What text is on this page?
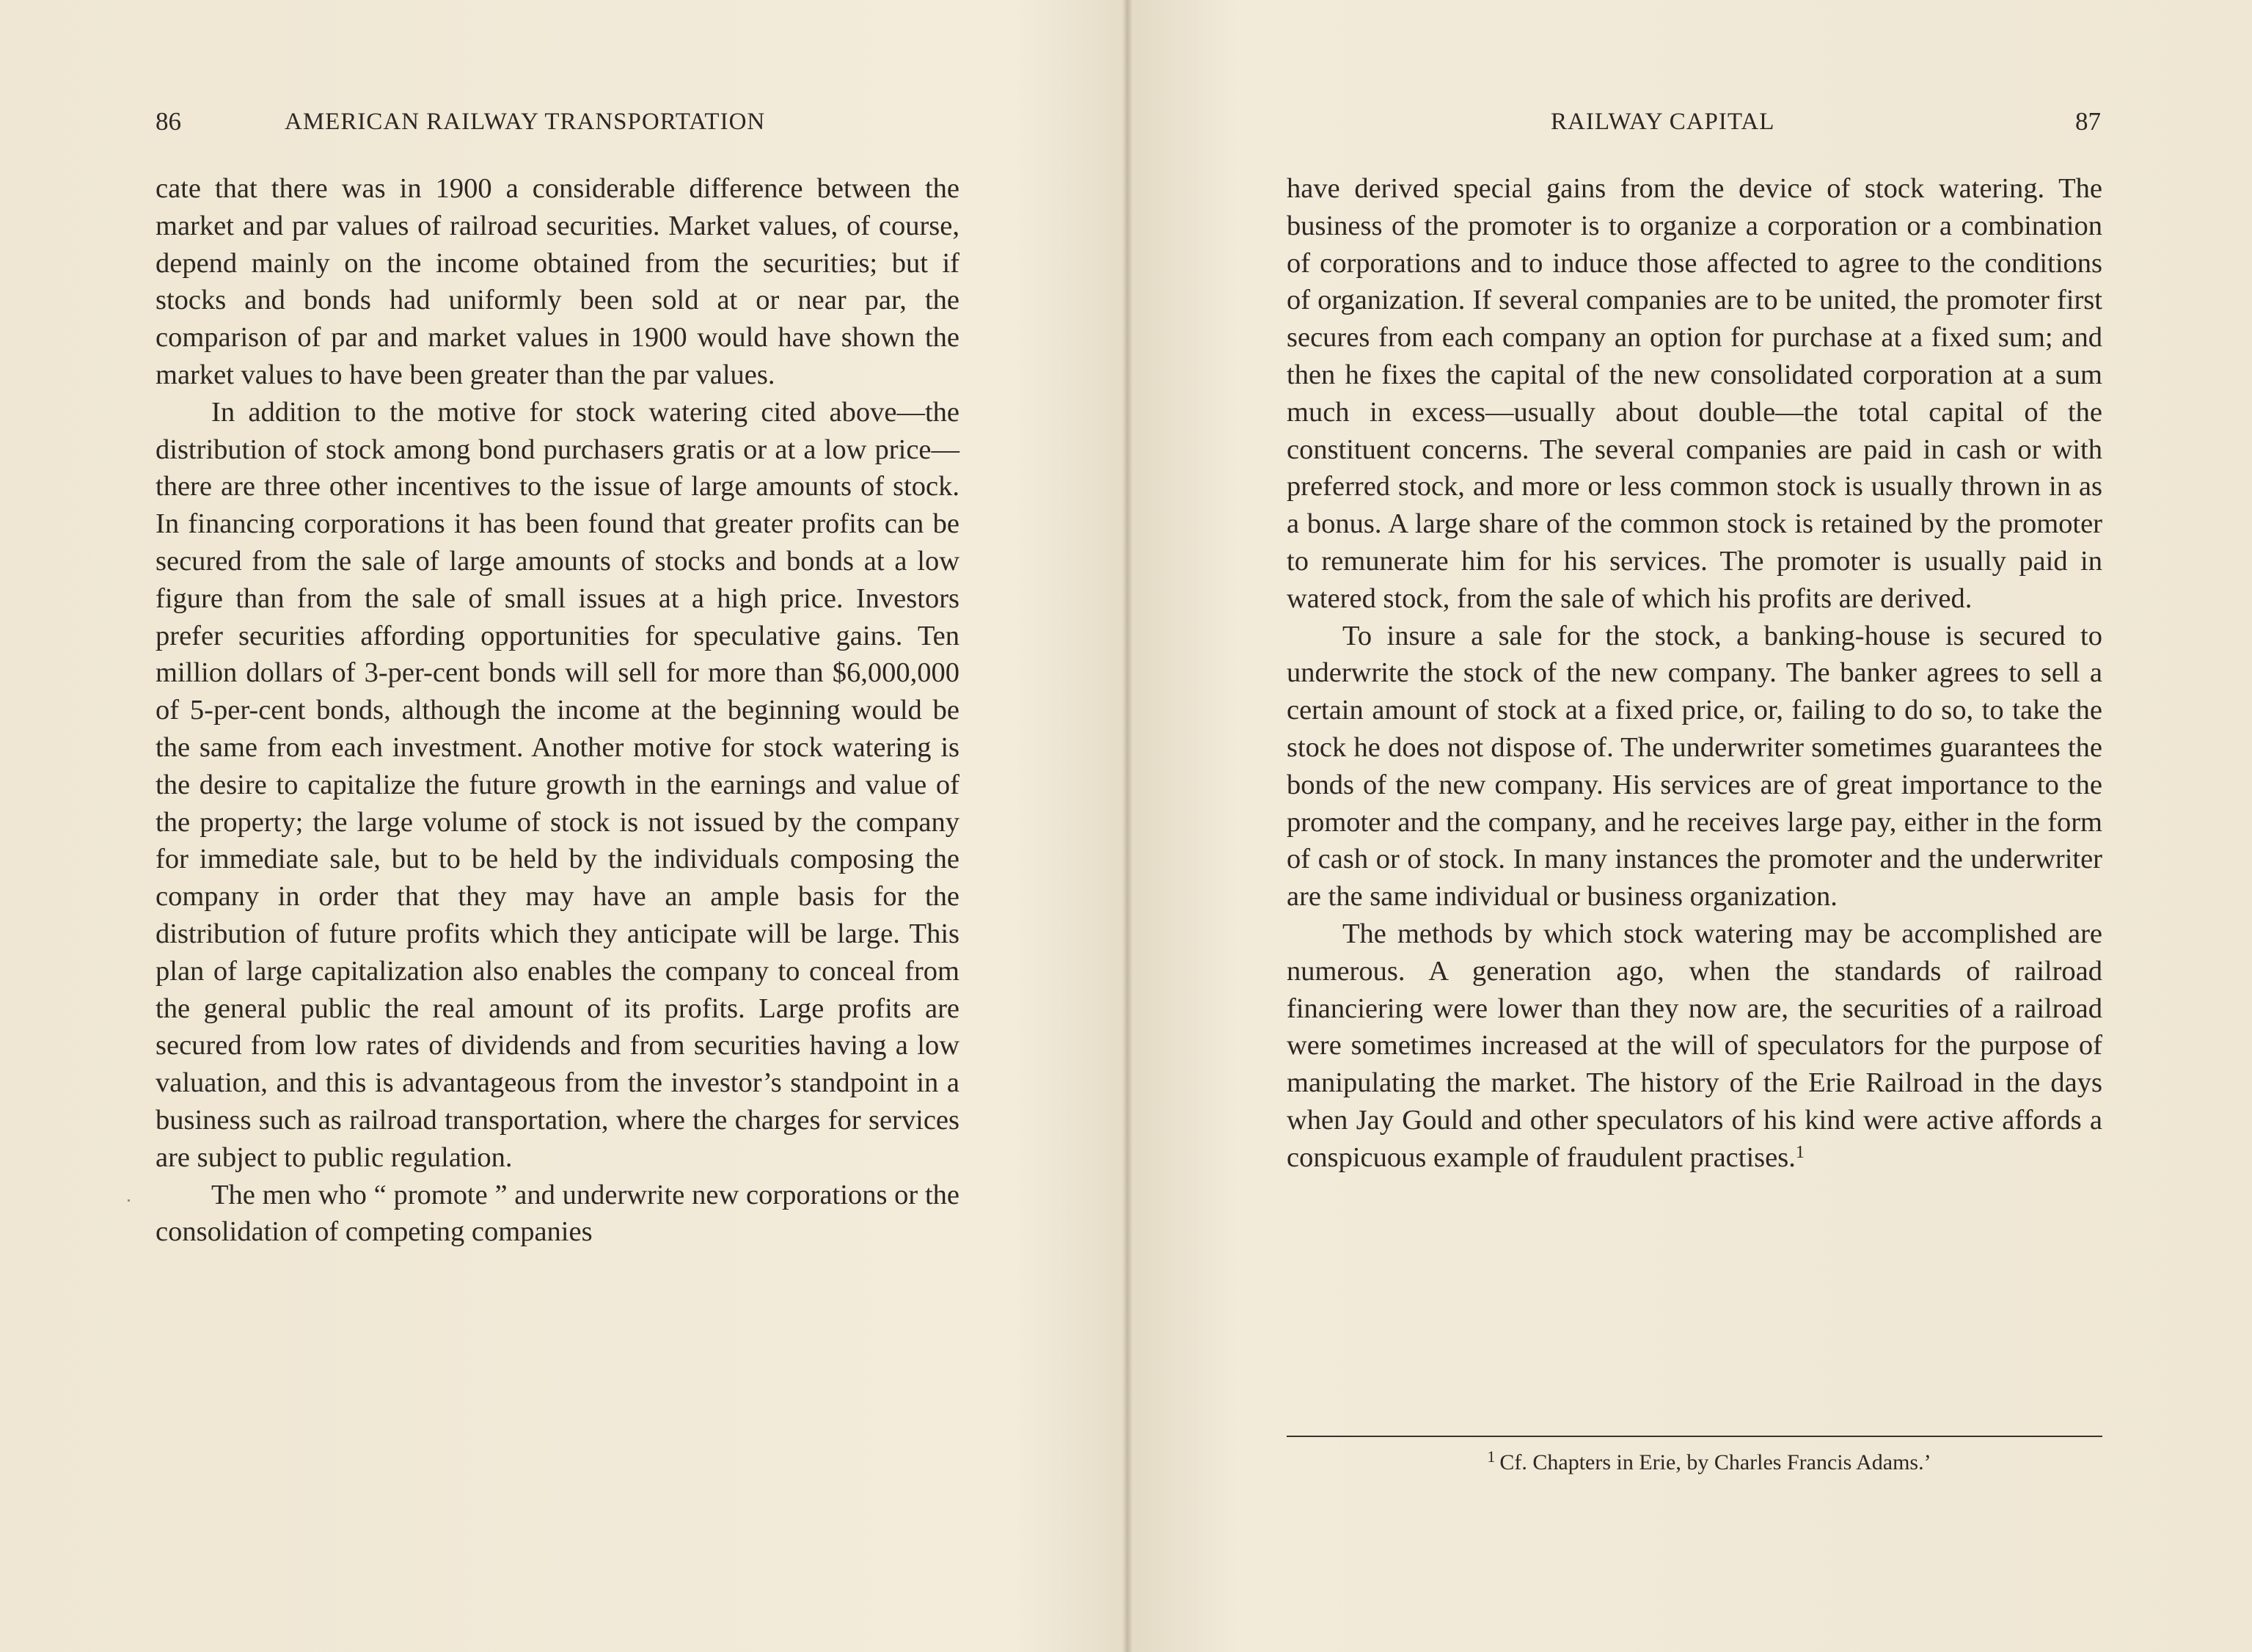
86	AMERICAN RAILWAY TRANSPORTATION

cate that there was in 1900 a considerable difference between the market and par values of railroad securities. Market values, of course, depend mainly on the income obtained from the securities; but if stocks and bonds had uniformly been sold at or near par, the comparison of par and market values in 1900 would have shown the market values to have been greater than the par values.

In addition to the motive for stock watering cited above—the distribution of stock among bond purchasers gratis or at a low price—there are three other incentives to the issue of large amounts of stock. In financing corporations it has been found that greater profits can be secured from the sale of large amounts of stocks and bonds at a low figure than from the sale of small issues at a high price. Investors prefer securities affording opportunities for speculative gains. Ten million dollars of 3-per-cent bonds will sell for more than $6,000,000 of 5-per-cent bonds, although the income at the beginning would be the same from each investment. Another motive for stock watering is the desire to capitalize the future growth in the earnings and value of the property; the large volume of stock is not issued by the company for immediate sale, but to be held by the individuals composing the company in order that they may have an ample basis for the distribution of future profits which they anticipate will be large. This plan of large capitalization also enables the company to conceal from the general public the real amount of its profits. Large profits are secured from low rates of dividends and from securities having a low valuation, and this is advantageous from the investor’s standpoint in a business such as railroad transportation, where the charges for services are subject to public regulation.

The men who “ promote ” and underwrite new corporations or the consolidation of competing companies

RAILWAY CAPITAL	87

have derived special gains from the device of stock watering. The business of the promoter is to organize a corporation or a combination of corporations and to induce those affected to agree to the conditions of organization. If several companies are to be united, the promoter first secures from each company an option for purchase at a fixed sum; and then he fixes the capital of the new consolidated corporation at a sum much in excess—usually about double—the total capital of the constituent concerns. The several companies are paid in cash or with preferred stock, and more or less common stock is usually thrown in as a bonus. A large share of the common stock is retained by the promoter to remunerate him for his services. The promoter is usually paid in watered stock, from the sale of which his profits are derived.

To insure a sale for the stock, a banking-house is secured to underwrite the stock of the new company. The banker agrees to sell a certain amount of stock at a fixed price, or, failing to do so, to take the stock he does not dispose of. The underwriter sometimes guarantees the bonds of the new company. His services are of great importance to the promoter and the company, and he receives large pay, either in the form of cash or of stock. In many instances the promoter and the underwriter are the same individual or business organization.

The methods by which stock watering may be accomplished are numerous. A generation ago, when the standards of railroad financiering were lower than they now are, the securities of a railroad were sometimes increased at the will of speculators for the purpose of manipulating the market. The history of the Erie Railroad in the days when Jay Gould and other speculators of his kind were active affords a conspicuous example of fraudulent practises.$^1$

$^1$ Cf. Chapters in Erie, by Charles Francis Adams.’
